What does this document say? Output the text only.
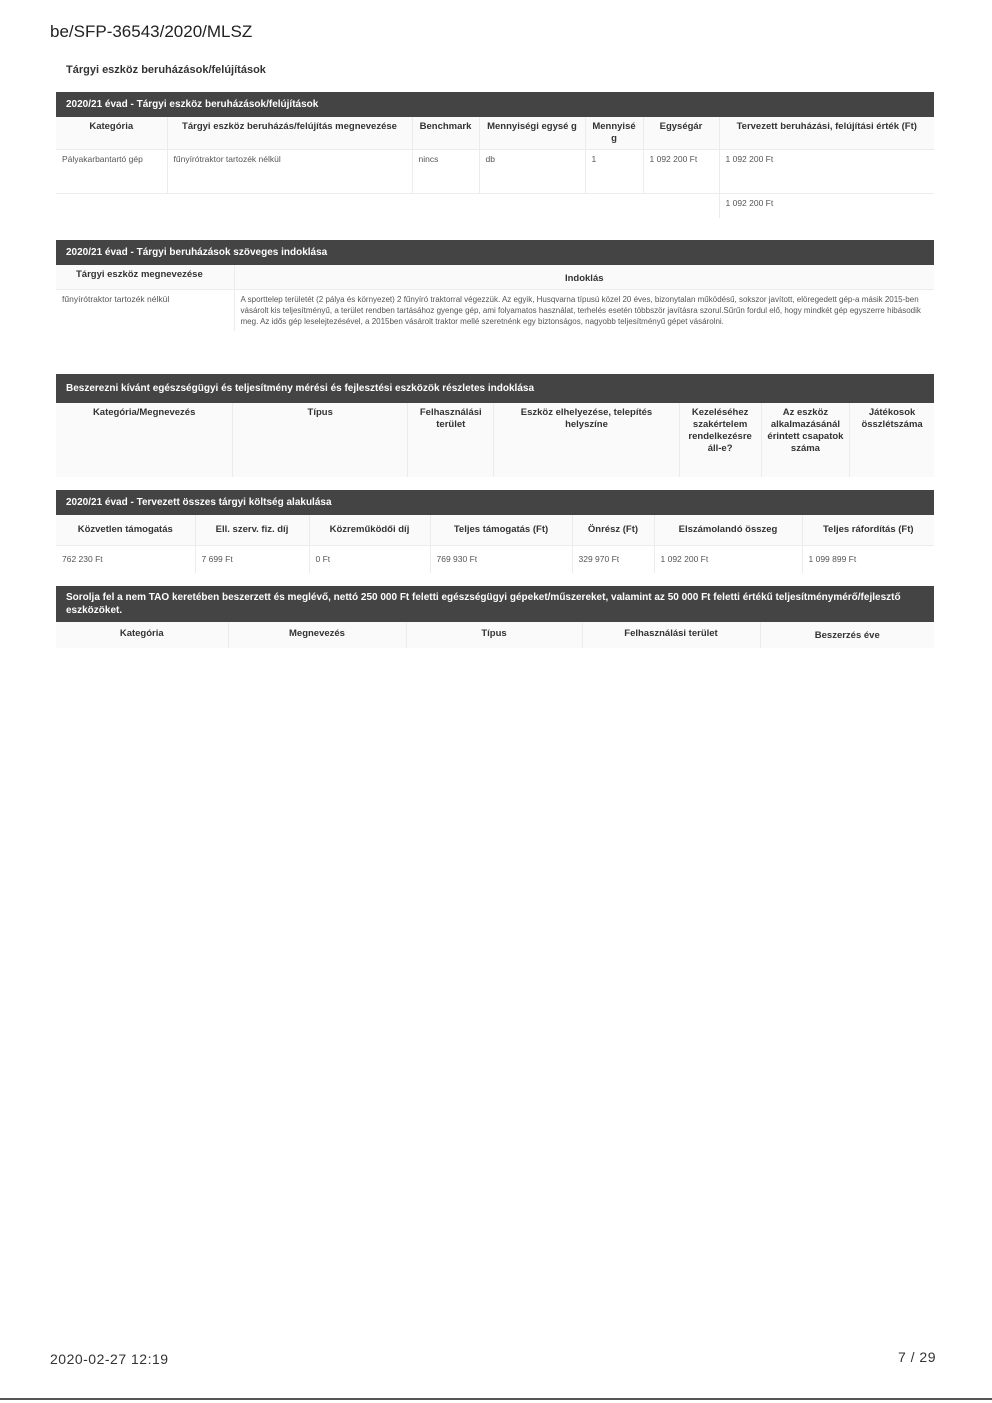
be/SFP-36543/2020/MLSZ
Tárgyi eszköz beruházások/felújítások
2020/21 évad - Tárgyi eszköz beruházások/felújítások
Kategória	Tárgyi eszköz beruházás/felújítás megnevezése	Benchmark	Mennyiségi egysé g	Mennyisé g	Egységár	Tervezett beruházási, felújítási érték (Ft)
Pályakarbantartó gép	fűnyírótraktor tartozék nélkül	nincs	db	1	1 092 200 Ft	1 092 200 Ft
						1 092 200 Ft
2020/21 évad - Tárgyi beruházások szöveges indoklása
Tárgyi eszköz megnevezése	Indoklás
fűnyírótraktor tartozék nélkül	A sporttelep területét (2 pálya és környezet) 2 fűnyíró traktorral végezzük. Az egyik, Husqvarna típusú közel 20 éves, bizonytalan működésű, sokszor javított, elöregedett gép-a másik 2015-ben vásárolt kis teljesítményű, a terület rendben tartásához gyenge gép, ami folyamatos használat, terhelés esetén többször javításra szorul.Sűrűn fordul elő, hogy mindkét gép egyszerre hibásodik meg. Az idős gép leselejtezésével, a 2015ben vásárolt traktor mellé szeretnénk egy biztonságos, nagyobb teljesítményű gépet vásárolni.
Beszerezni kívánt egészségügyi és teljesítmény mérési és fejlesztési eszközök részletes indoklása
Kategória/Megnevezés	Típus	Felhasználási terület	Eszköz elhelyezése, telepítés helyszíne	Kezeléséhez szakértelem rendelkezésre áll-e?	Az eszköz alkalmazásánál érintett csapatok száma	Játékosok összlétszáma
2020/21 évad - Tervezett összes tárgyi költség alakulása
Közvetlen támogatás	Ell. szerv. fiz. díj	Közreműködői díj	Teljes támogatás (Ft)	Önrész (Ft)	Elszámolandó összeg	Teljes ráfordítás (Ft)
762 230 Ft	7 699 Ft	0 Ft	769 930 Ft	329 970 Ft	1 092 200 Ft	1 099 899 Ft
Sorolja fel a nem TAO keretében beszerzett és meglévő, nettó 250 000 Ft feletti egészségügyi gépeket/műszereket, valamint az 50 000 Ft feletti értékű teljesítménymérő/fejlesztő eszközöket.
Kategória	Megnevezés	Típus	Felhasználási terület	Beszerzés éve
2020-02-27 12:19	7 / 29
